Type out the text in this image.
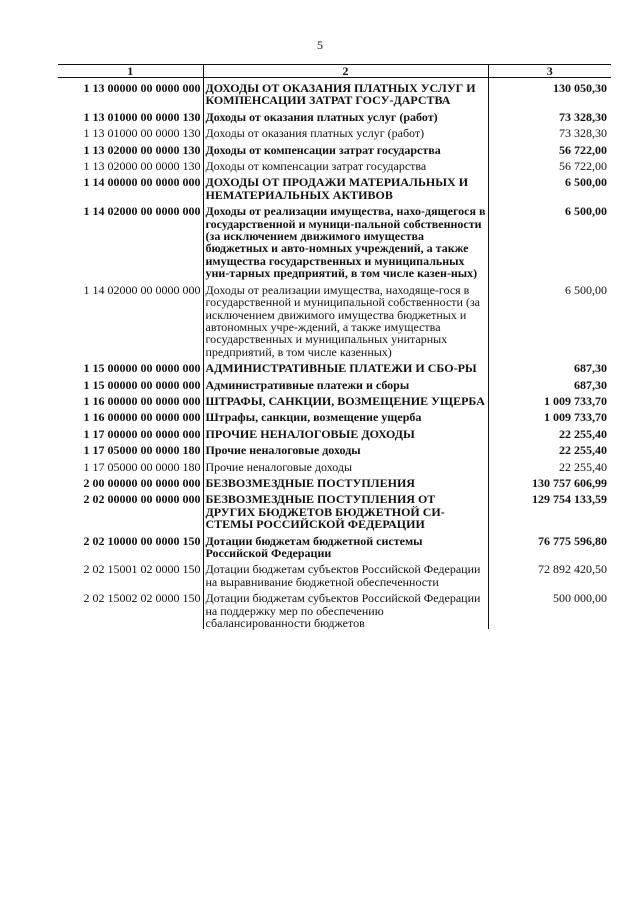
5
1	2	3
1 13 00000 00 0000 000	ДОХОДЫ ОТ ОКАЗАНИЯ ПЛАТНЫХ УСЛУГ И КОМПЕНСАЦИИ ЗАТРАТ ГОСУ-ДАРСТВА	130 050,30
1 13 01000 00 0000 130	Доходы от оказания платных услуг (работ)	73 328,30
1 13 01000 00 0000 130	Доходы от оказания платных услуг (работ)	73 328,30
1 13 02000 00 0000 130	Доходы от компенсации затрат государства	56 722,00
1 13 02000 00 0000 130	Доходы от компенсации затрат государства	56 722,00
1 14 00000 00 0000 000	ДОХОДЫ ОТ ПРОДАЖИ МАТЕРИАЛЬНЫХ И НЕМАТЕРИАЛЬНЫХ АКТИВОВ	6 500,00
1 14 02000 00 0000 000	Доходы от реализации имущества, нахо-дящегося в государственной и муници-пальной собственности (за исключением движимого имущества бюджетных и авто-номных учреждений, а также имущества государственных и муниципальных уни-тарных предприятий, в том числе казен-ных)	6 500,00
1 14 02000 00 0000 000	Доходы от реализации имущества, находяще-гося в государственной и муниципальной собственности (за исключением движимого имущества бюджетных и автономных учре-ждений, а также имущества государственных и муниципальных унитарных предприятий, в том числе казенных)	6 500,00
1 15 00000 00 0000 000	АДМИНИСТРАТИВНЫЕ ПЛАТЕЖИ И СБО-РЫ	687,30
1 15 00000 00 0000 000	Административные платежи и сборы	687,30
1 16 00000 00 0000 000	ШТРАФЫ, САНКЦИИ, ВОЗМЕЩЕНИЕ УЩЕРБА	1 009 733,70
1 16 00000 00 0000 000	Штрафы, санкции, возмещение ущерба	1 009 733,70
1 17 00000 00 0000 000	ПРОЧИЕ НЕНАЛОГОВЫЕ ДОХОДЫ	22 255,40
1 17 05000 00 0000 180	Прочие неналоговые доходы	22 255,40
1 17 05000 00 0000 180	Прочие неналоговые доходы	22 255,40
2 00 00000 00 0000 000	БЕЗВОЗМЕЗДНЫЕ ПОСТУПЛЕНИЯ	130 757 606,99
2 02 00000 00 0000 000	БЕЗВОЗМЕЗДНЫЕ ПОСТУПЛЕНИЯ ОТ ДРУГИХ БЮДЖЕТОВ БЮДЖЕТНОЙ СИ-СТЕМЫ РОССИЙСКОЙ ФЕДЕРАЦИИ	129 754 133,59
2 02 10000 00 0000 150	Дотации бюджетам бюджетной системы Российской Федерации	76 775 596,80
2 02 15001 02 0000 150	Дотации бюджетам субъектов Российской Федерации на выравнивание бюджетной обеспеченности	72 892 420,50
2 02 15002 02 0000 150	Дотации бюджетам субъектов Российской Федерации на поддержку мер по обеспечению сбалансированности бюджетов	500 000,00
